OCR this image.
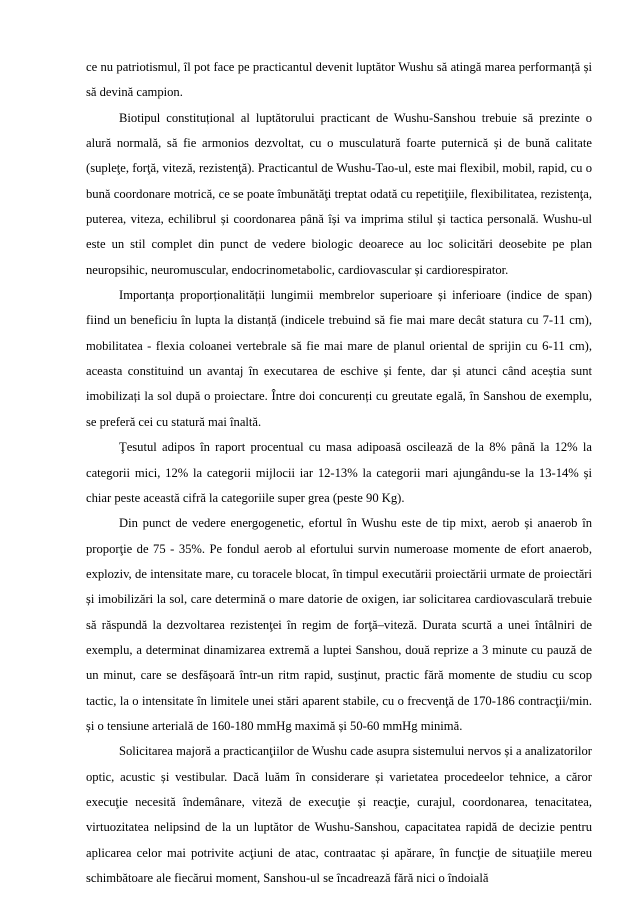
ce nu patriotismul, îl pot face pe practicantul devenit luptător Wushu să atingă marea performanță și să devină campion.

Biotipul constituțional al luptătorului practicant de Wushu-Sanshou trebuie să prezinte o alură normală, să fie armonios dezvoltat, cu o musculatură foarte puternică și de bună calitate (supleţe, forţă, viteză, rezistenţă). Practicantul de Wushu-Tao-ul, este mai flexibil, mobil, rapid, cu o bună coordonare motrică, ce se poate îmbunătăţi treptat odată cu repetiţiile, flexibilitatea, rezistenţa, puterea, viteza, echilibrul și coordonarea până își va imprima stilul și tactica personală. Wushu-ul este un stil complet din punct de vedere biologic deoarece au loc solicitări deosebite pe plan neuropsihic, neuromuscular, endocrinometabolic, cardiovascular și cardiorespirator.

Importanța proporționalității lungimii membrelor superioare și inferioare (indice de span) fiind un beneficiu în lupta la distanță (indicele trebuind să fie mai mare decât statura cu 7-11 cm), mobilitatea - flexia coloanei vertebrale să fie mai mare de planul oriental de sprijin cu 6-11 cm), aceasta constituind un avantaj în executarea de eschive și fente, dar și atunci când aceștia sunt imobilizați la sol după o proiectare. Între doi concurenți cu greutate egală, în Sanshou de exemplu, se preferă cei cu statură mai înaltă.

Ţesutul adipos în raport procentual cu masa adipoasă oscilează de la 8% până la 12% la categorii mici, 12% la categorii mijlocii iar 12-13% la categorii mari ajungându-se la 13-14% și chiar peste această cifră la categoriile super grea (peste 90 Kg).

Din punct de vedere energogenetic, efortul în Wushu este de tip mixt, aerob și anaerob în proporţie de 75 - 35%. Pe fondul aerob al efortului survin numeroase momente de efort anaerob, exploziv, de intensitate mare, cu toracele blocat, în timpul executării proiectării urmate de proiectări și imobilizări la sol, care determină o mare datorie de oxigen, iar solicitarea cardiovasculară trebuie să răspundă la dezvoltarea rezistenţei în regim de forţă–viteză. Durata scurtă a unei întâlniri de exemplu, a determinat dinamizarea extremă a luptei Sanshou, două reprize a 3 minute cu pauză de un minut, care se desfășoară într-un ritm rapid, susţinut, practic fără momente de studiu cu scop tactic, la o intensitate în limitele unei stări aparent stabile, cu o frecvenţă de 170-186 contracţii/min. și o tensiune arterială de 160-180 mmHg maximă și 50-60 mmHg minimă.

Solicitarea majoră a practicanţiilor de Wushu cade asupra sistemului nervos și a analizatorilor optic, acustic și vestibular. Dacă luăm în considerare și varietatea procedeelor tehnice, a căror execuţie necesită îndemânare, viteză de execuţie și reacţie, curajul, coordonarea, tenacitatea, virtuozitatea nelipsind de la un luptător de Wushu-Sanshou, capacitatea rapidă de decizie pentru aplicarea celor mai potrivite acţiuni de atac, contraatac și apărare, în funcţie de situaţiile mereu schimbătoare ale fiecărui moment, Sanshou-ul se încadrează fără nici o îndoială
